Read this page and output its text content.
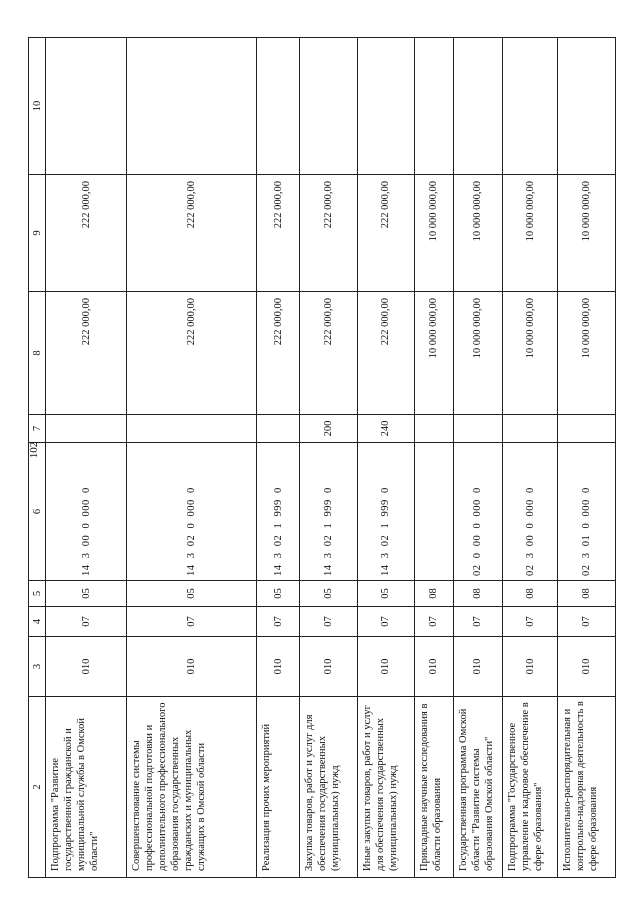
102
2	3	4	5	6	7	8	9	10
Подпрограмма "Развитие государственной гражданской и муниципальной службы в Омской области"	010	07	05	14  3  00  0  000  0		222 000,00	222 000,00	
Совершенствование системы профессиональной подготовки и дополнительного профессионального образования государственных гражданских и муниципальных служащих в Омской области	010	07	05	14  3  02  0  000  0		222 000,00	222 000,00	
Реализация прочих мероприятий	010	07	05	14  3  02  1  999  0		222 000,00	222 000,00	
Закупка товаров, работ и услуг для обеспечения государственных (муниципальных) нужд	010	07	05	14  3  02  1  999  0	200	222 000,00	222 000,00	
Иные закупки товаров, работ и услуг для обеспечения государственных (муниципальных) нужд	010	07	05	14  3  02  1  999  0	240	222 000,00	222 000,00	
Прикладные научные исследования в области образования	010	07	08			10 000 000,00	10 000 000,00	
Государственная программа Омской области "Развитие системы образования Омской области"	010	07	08	02  0  00  0  000  0		10 000 000,00	10 000 000,00	
Подпрограмма "Государственное управление и кадровое обеспечение в сфере образования"	010	07	08	02  3  00  0  000  0		10 000 000,00	10 000 000,00	
Исполнительно-распорядительная и контрольно-надзорная деятельность в сфере образования	010	07	08	02  3  01  0  000  0		10 000 000,00	10 000 000,00	
